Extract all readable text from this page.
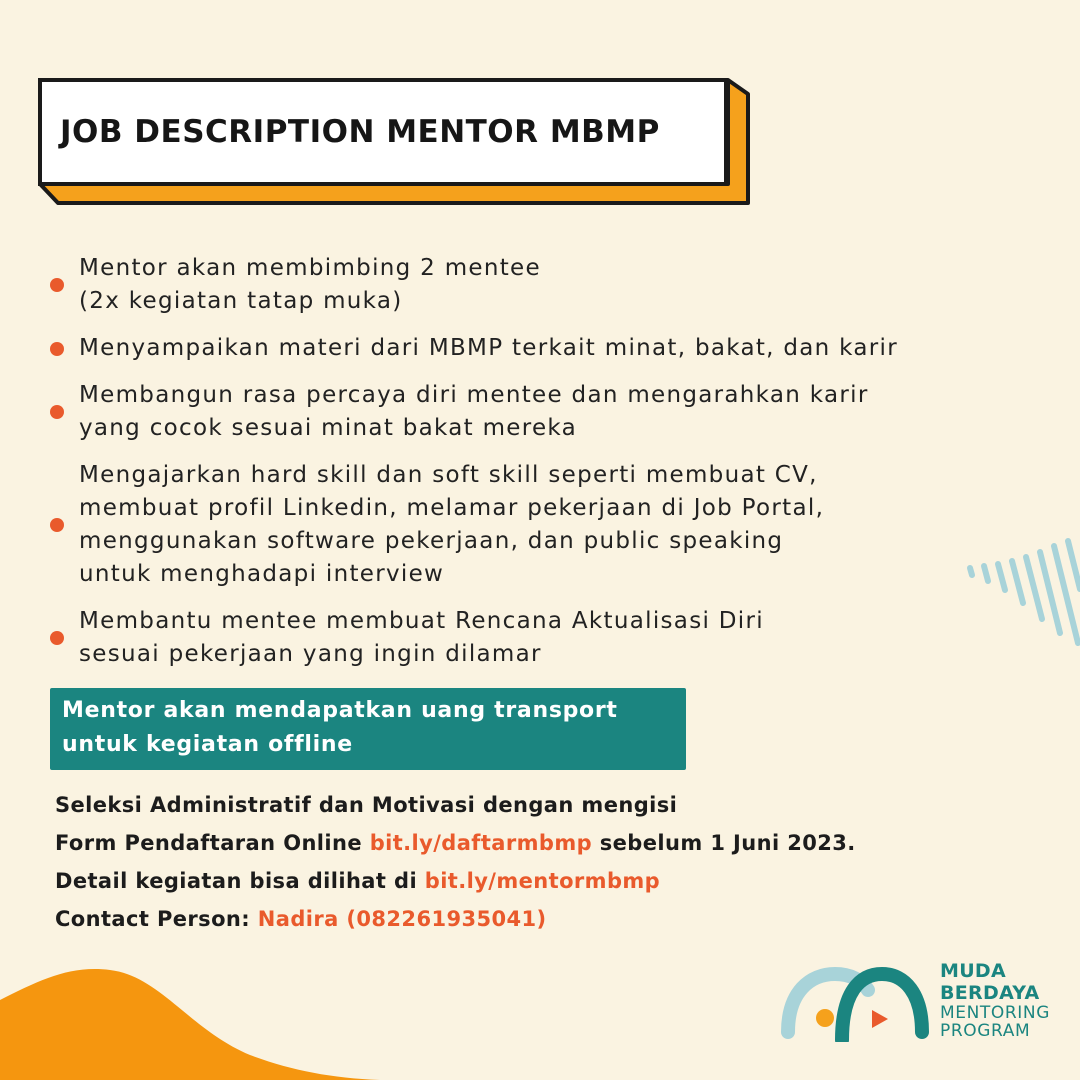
JOB DESCRIPTION MENTOR MBMP
Mentor akan membimbing 2 mentee
(2x kegiatan tatap muka)
Menyampaikan materi dari MBMP terkait minat, bakat, dan karir
Membangun rasa percaya diri mentee dan mengarahkan karir
yang cocok sesuai minat bakat mereka
Mengajarkan hard skill dan soft skill seperti membuat CV,
membuat profil Linkedin, melamar pekerjaan di Job Portal,
menggunakan software pekerjaan, dan public speaking
untuk menghadapi interview
Membantu mentee membuat Rencana Aktualisasi Diri
sesuai pekerjaan yang ingin dilamar
Mentor akan mendapatkan uang transport
untuk kegiatan offline
Seleksi Administratif dan Motivasi dengan mengisi
Form Pendaftaran Online bit.ly/daftarmbmp sebelum 1 Juni 2023.
Detail kegiatan bisa dilihat di bit.ly/mentormbmp
Contact Person: Nadira (082261935041)
MUDA
BERDAYA
MENTORING
PROGRAM
